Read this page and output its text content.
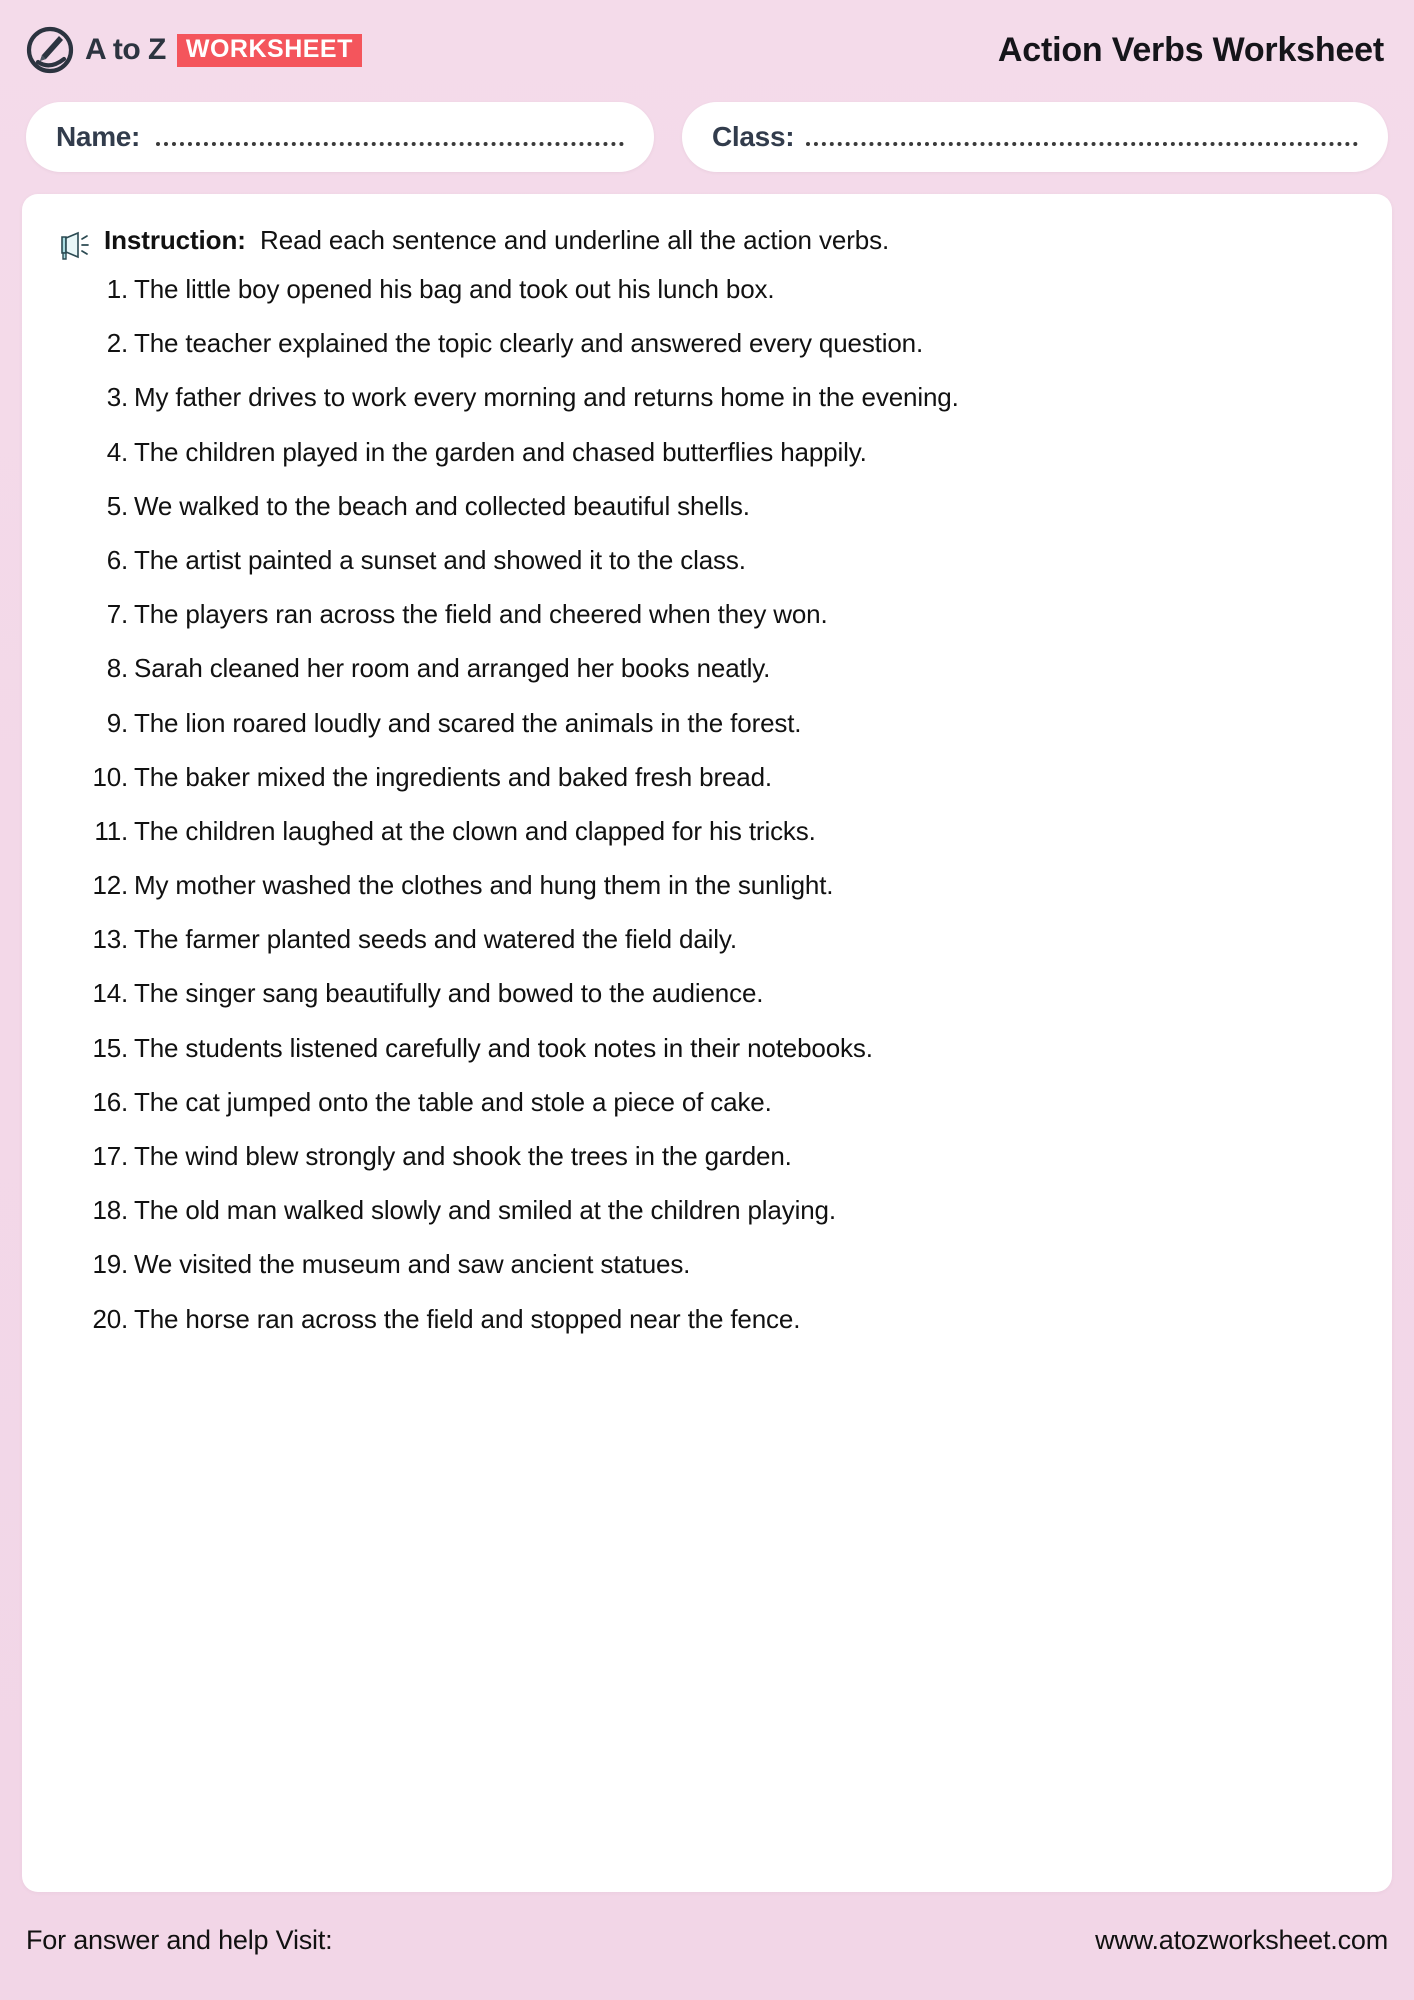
A to Z WORKSHEET	Action Verbs Worksheet
Name:	Class:
Instruction: Read each sentence and underline all the action verbs.
1. The little boy opened his bag and took out his lunch box.
2. The teacher explained the topic clearly and answered every question.
3. My father drives to work every morning and returns home in the evening.
4. The children played in the garden and chased butterflies happily.
5. We walked to the beach and collected beautiful shells.
6. The artist painted a sunset and showed it to the class.
7. The players ran across the field and cheered when they won.
8. Sarah cleaned her room and arranged her books neatly.
9. The lion roared loudly and scared the animals in the forest.
10. The baker mixed the ingredients and baked fresh bread.
11. The children laughed at the clown and clapped for his tricks.
12. My mother washed the clothes and hung them in the sunlight.
13. The farmer planted seeds and watered the field daily.
14. The singer sang beautifully and bowed to the audience.
15. The students listened carefully and took notes in their notebooks.
16. The cat jumped onto the table and stole a piece of cake.
17. The wind blew strongly and shook the trees in the garden.
18. The old man walked slowly and smiled at the children playing.
19. We visited the museum and saw ancient statues.
20. The horse ran across the field and stopped near the fence.
For answer and help Visit:	www.atozworksheet.com
